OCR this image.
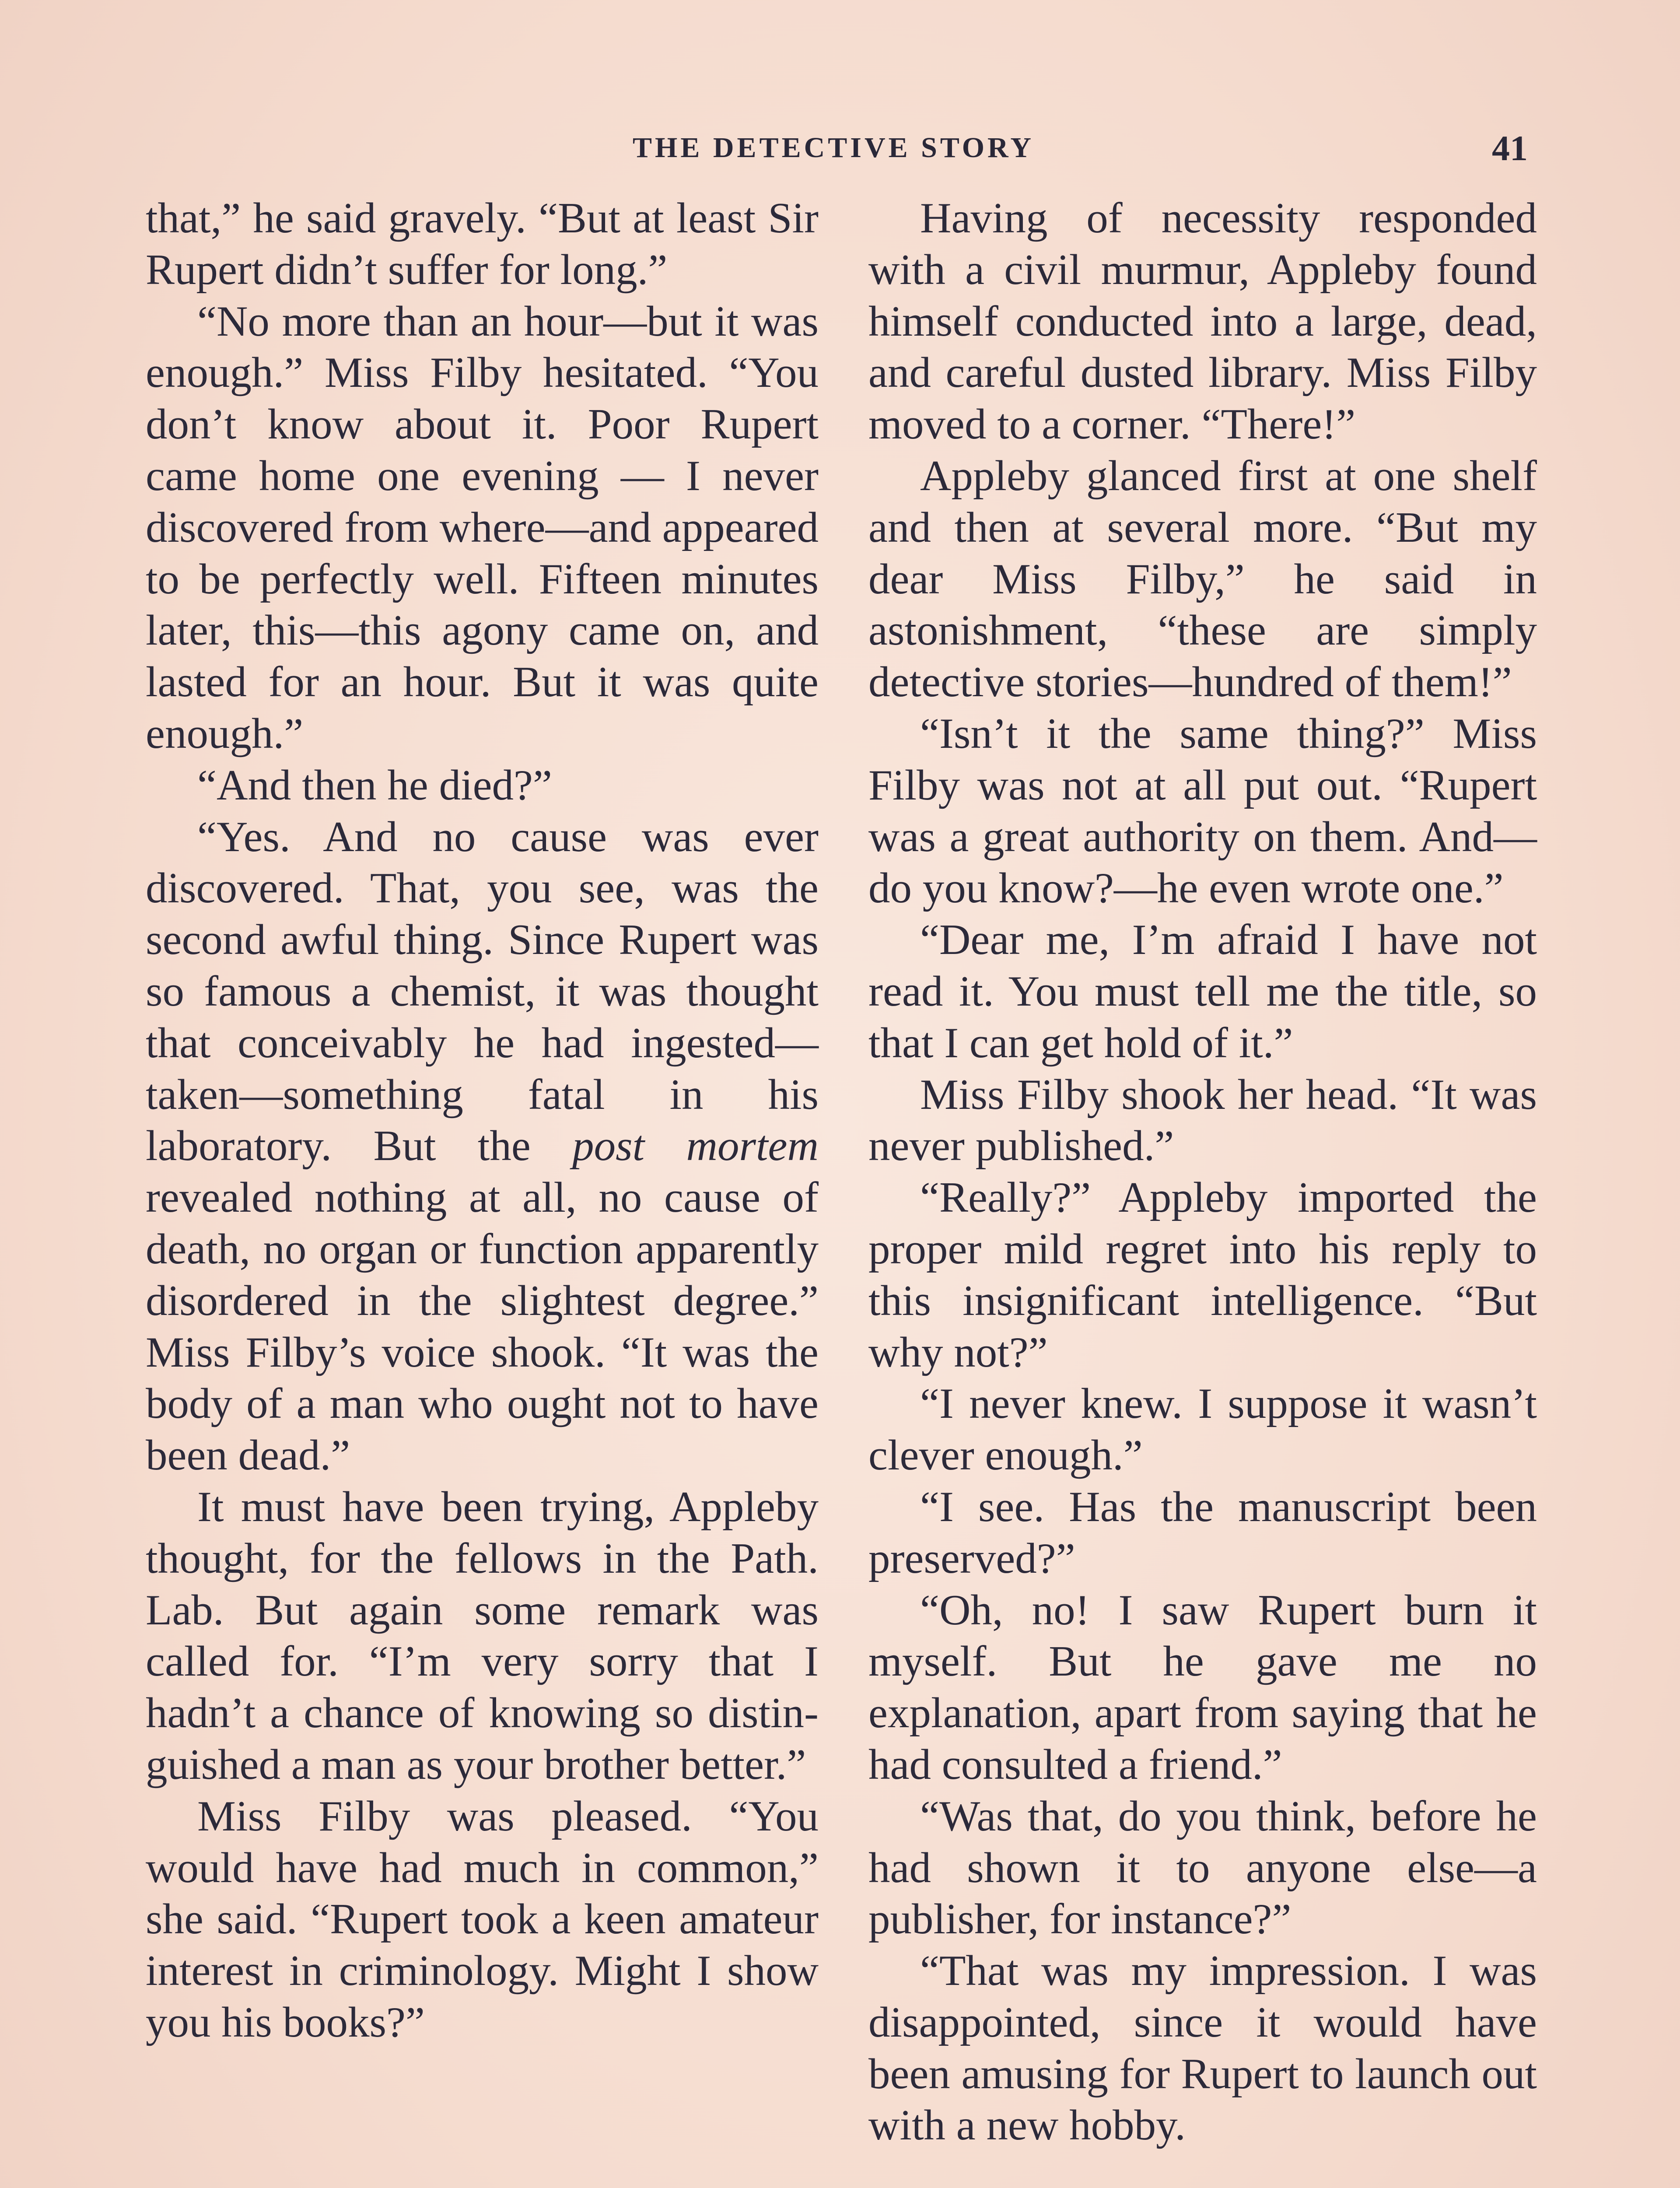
THE DETECTIVE STORY	41

that,” he said gravely. “But at least Sir Rupert didn’t suffer for long.”

“No more than an hour—but it was enough.” Miss Filby hesitated. “You don’t know about it. Poor Rupert came home one evening — I never discovered from where—and appeared to be perfectly well. Fifteen minutes later, this—this agony came on, and lasted for an hour. But it was quite enough.”

“And then he died?”

“Yes. And no cause was ever discovered. That, you see, was the second awful thing. Since Rupert was so famous a chemist, it was thought that conceivably he had ingested—taken—something fatal in his laboratory. But the post mortem revealed nothing at all, no cause of death, no organ or function apparently disordered in the slightest degree.” Miss Filby’s voice shook. “It was the body of a man who ought not to have been dead.”

It must have been trying, Appleby thought, for the fellows in the Path. Lab. But again some remark was called for. “I’m very sorry that I hadn’t a chance of knowing so distinguished a man as your brother better.”

Miss Filby was pleased. “You would have had much in common,” she said. “Rupert took a keen amateur interest in criminology. Might I show you his books?”

Having of necessity responded with a civil murmur, Appleby found himself conducted into a large, dead, and careful dusted library. Miss Filby moved to a corner. “There!”

Appleby glanced first at one shelf and then at several more. “But my dear Miss Filby,” he said in astonishment, “these are simply detective stories—hundred of them!”

“Isn’t it the same thing?” Miss Filby was not at all put out. “Rupert was a great authority on them. And—do you know?—he even wrote one.”

“Dear me, I’m afraid I have not read it. You must tell me the title, so that I can get hold of it.”

Miss Filby shook her head. “It was never published.”

“Really?” Appleby imported the proper mild regret into his reply to this insignificant intelligence. “But why not?”

“I never knew. I suppose it wasn’t clever enough.”

“I see. Has the manuscript been preserved?”

“Oh, no! I saw Rupert burn it myself. But he gave me no explanation, apart from saying that he had consulted a friend.”

“Was that, do you think, before he had shown it to anyone else—a publisher, for instance?”

“That was my impression. I was disappointed, since it would have been amusing for Rupert to launch out with a new hobby.
